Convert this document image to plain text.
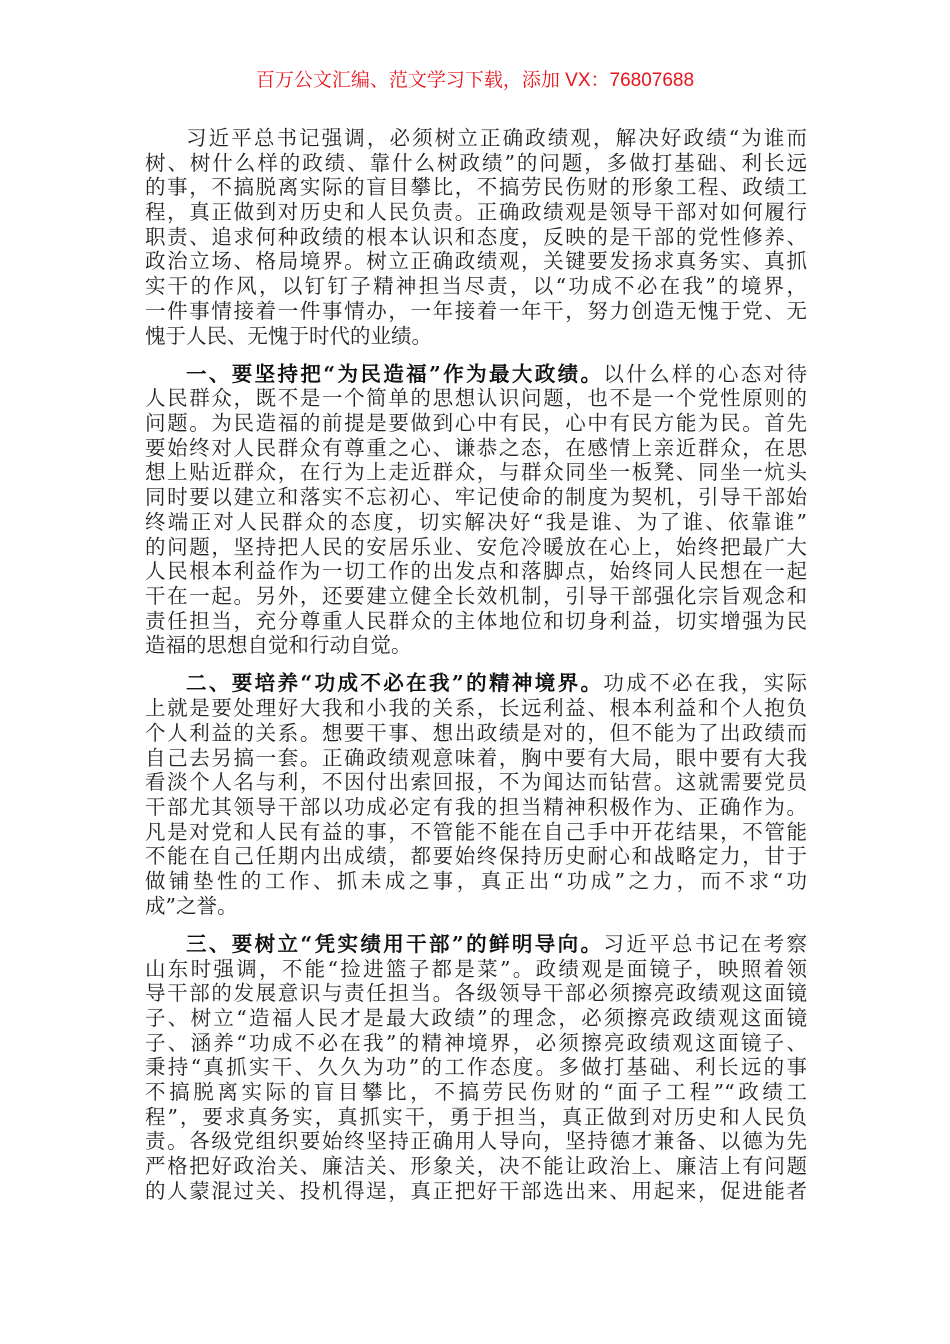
百万公文汇编、范文学习下载，添加 VX：76807688
习近平总书记强调，必须树立正确政绩观，解决好政绩“为谁而
树、树什么样的政绩、靠什么树政绩”的问题，多做打基础、利长远
的事，不搞脱离实际的盲目攀比，不搞劳民伤财的形象工程、政绩工
程，真正做到对历史和人民负责。正确政绩观是领导干部对如何履行
职责、追求何种政绩的根本认识和态度，反映的是干部的党性修养、
政治立场、格局境界。树立正确政绩观，关键要发扬求真务实、真抓
实干的作风，以钉钉子精神担当尽责，以“功成不必在我”的境界，
一件事情接着一件事情办，一年接着一年干，努力创造无愧于党、无
愧于人民、无愧于时代的业绩。
一、要坚持把“为民造福”作为最大政绩。以什么样的心态对待
人民群众，既不是一个简单的思想认识问题，也不是一个党性原则的
问题。为民造福的前提是要做到心中有民，心中有民方能为民。首先
要始终对人民群众有尊重之心、谦恭之态，在感情上亲近群众，在思
想上贴近群众，在行为上走近群众，与群众同坐一板凳、同坐一炕头
同时要以建立和落实不忘初心、牢记使命的制度为契机，引导干部始
终端正对人民群众的态度，切实解决好“我是谁、为了谁、依靠谁”
的问题，坚持把人民的安居乐业、安危冷暖放在心上，始终把最广大
人民根本利益作为一切工作的出发点和落脚点，始终同人民想在一起
干在一起。另外，还要建立健全长效机制，引导干部强化宗旨观念和
责任担当，充分尊重人民群众的主体地位和切身利益，切实增强为民
造福的思想自觉和行动自觉。
二、要培养“功成不必在我”的精神境界。功成不必在我，实际
上就是要处理好大我和小我的关系，长远利益、根本利益和个人抱负
个人利益的关系。想要干事、想出政绩是对的，但不能为了出政绩而
自己去另搞一套。正确政绩观意味着，胸中要有大局，眼中要有大我
看淡个人名与利，不因付出索回报，不为闻达而钻营。这就需要党员
干部尤其领导干部以功成必定有我的担当精神积极作为、正确作为。
凡是对党和人民有益的事，不管能不能在自己手中开花结果，不管能
不能在自己任期内出成绩，都要始终保持历史耐心和战略定力，甘于
做铺垫性的工作、抓未成之事，真正出“功成”之力，而不求“功
成”之誉。
三、要树立“凭实绩用干部”的鲜明导向。习近平总书记在考察
山东时强调，不能“捡进篮子都是菜”。政绩观是面镜子，映照着领
导干部的发展意识与责任担当。各级领导干部必须擦亮政绩观这面镜
子、树立“造福人民才是最大政绩”的理念，必须擦亮政绩观这面镜
子、涵养“功成不必在我”的精神境界，必须擦亮政绩观这面镜子、
秉持“真抓实干、久久为功”的工作态度。多做打基础、利长远的事
不搞脱离实际的盲目攀比，不搞劳民伤财的“面子工程”“政绩工
程”，要求真务实，真抓实干，勇于担当，真正做到对历史和人民负
责。各级党组织要始终坚持正确用人导向，坚持德才兼备、以德为先
严格把好政治关、廉洁关、形象关，决不能让政治上、廉洁上有问题
的人蒙混过关、投机得逞，真正把好干部选出来、用起来，促进能者
